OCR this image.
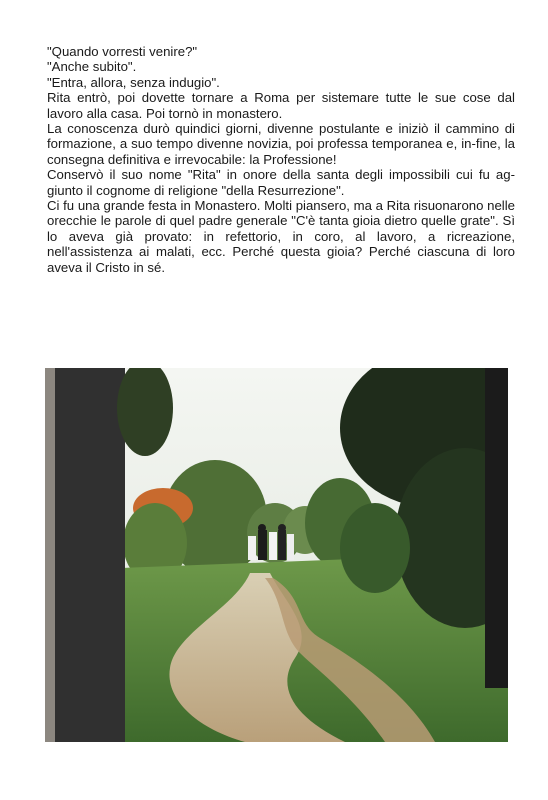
"Quando vorresti venire?"

"Anche subito".

"Entra, allora, senza indugio".

Rita entrò, poi dovette tornare a Roma per sistemare tutte le sue cose dal lavoro alla casa. Poi tornò in monastero.

La conoscenza durò quindici giorni, divenne postulante e iniziò il cammino di formazione, a suo tempo divenne novizia, poi professa temporanea e, in-fine, la consegna definitiva e irrevocabile: la Professione!

Conservò il suo nome "Rita" in onore della santa degli impossibili cui fu ag-giunto il cognome di religione "della Resurrezione".

Ci fu una grande festa in Monastero. Molti piansero, ma a Rita risuonarono nelle orecchie le parole di quel padre generale "C'è tanta gioia dietro quelle grate". Sì lo aveva già provato: in refettorio, in coro, al lavoro, a ricreazione, nell'assistenza ai malati, ecc. Perché questa gioia? Perché ciascuna di loro aveva il Cristo in sé.
